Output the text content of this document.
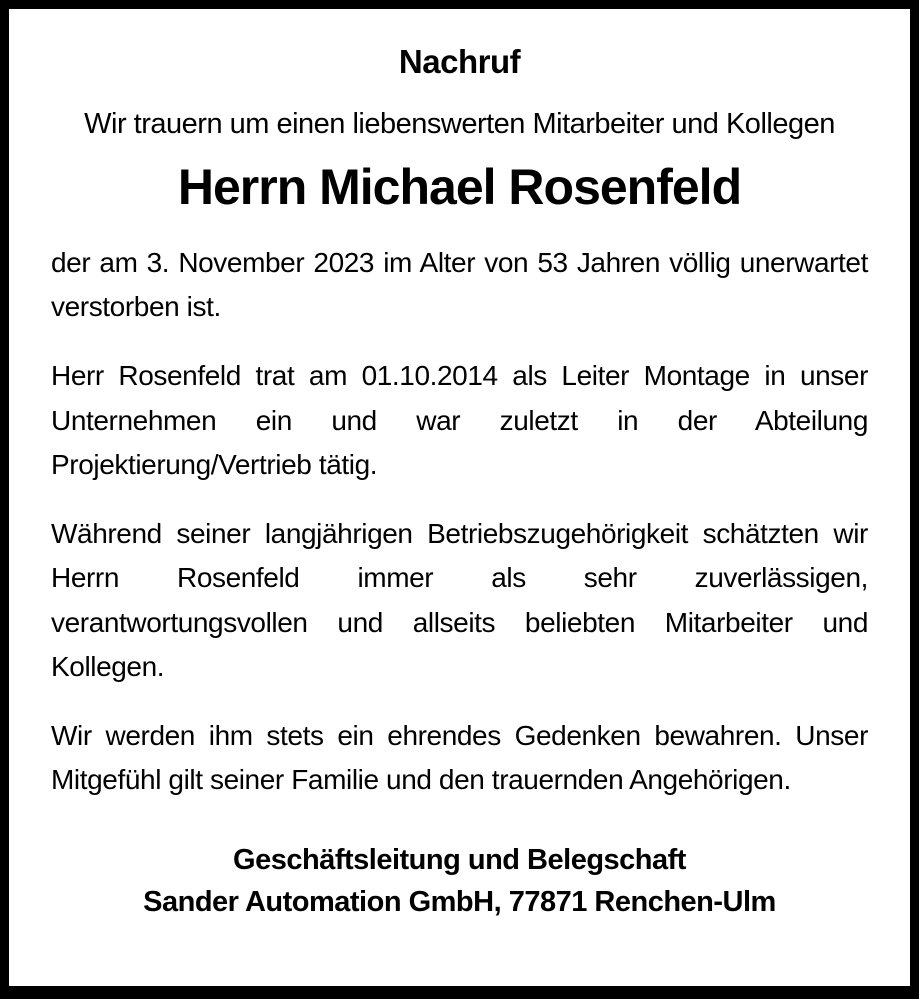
Nachruf

Wir trauern um einen liebenswerten Mitarbeiter und Kollegen

Herrn Michael Rosenfeld

der am 3. November 2023 im Alter von 53 Jahren völlig unerwartet verstorben ist.

Herr Rosenfeld trat am 01.10.2014 als Leiter Montage in unser Unternehmen ein und war zuletzt in der Abteilung Projektierung/Vertrieb tätig.

Während seiner langjährigen Betriebszugehörigkeit schätzten wir Herrn Rosenfeld immer als sehr zuverlässigen, verantwortungsvollen und allseits beliebten Mitarbeiter und Kollegen.

Wir werden ihm stets ein ehrendes Gedenken bewahren. Unser Mitgefühl gilt seiner Familie und den trauernden Angehörigen.

Geschäftsleitung und Belegschaft
Sander Automation GmbH, 77871 Renchen-Ulm
